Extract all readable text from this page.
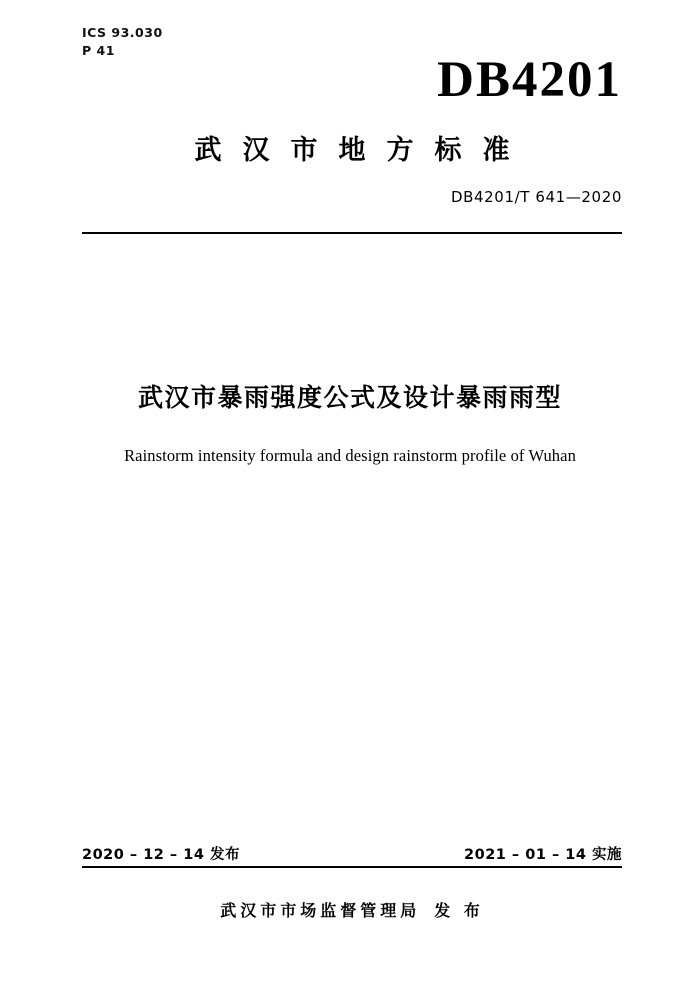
ICS 93.030
P 41
DB4201
武汉市地方标准
DB4201/T 641—2020
武汉市暴雨强度公式及设计暴雨雨型
Rainstorm intensity formula and design rainstorm profile of Wuhan
2020 – 12 – 14 发布	2021 – 01 – 14 实施
武汉市市场监督管理局 发 布
